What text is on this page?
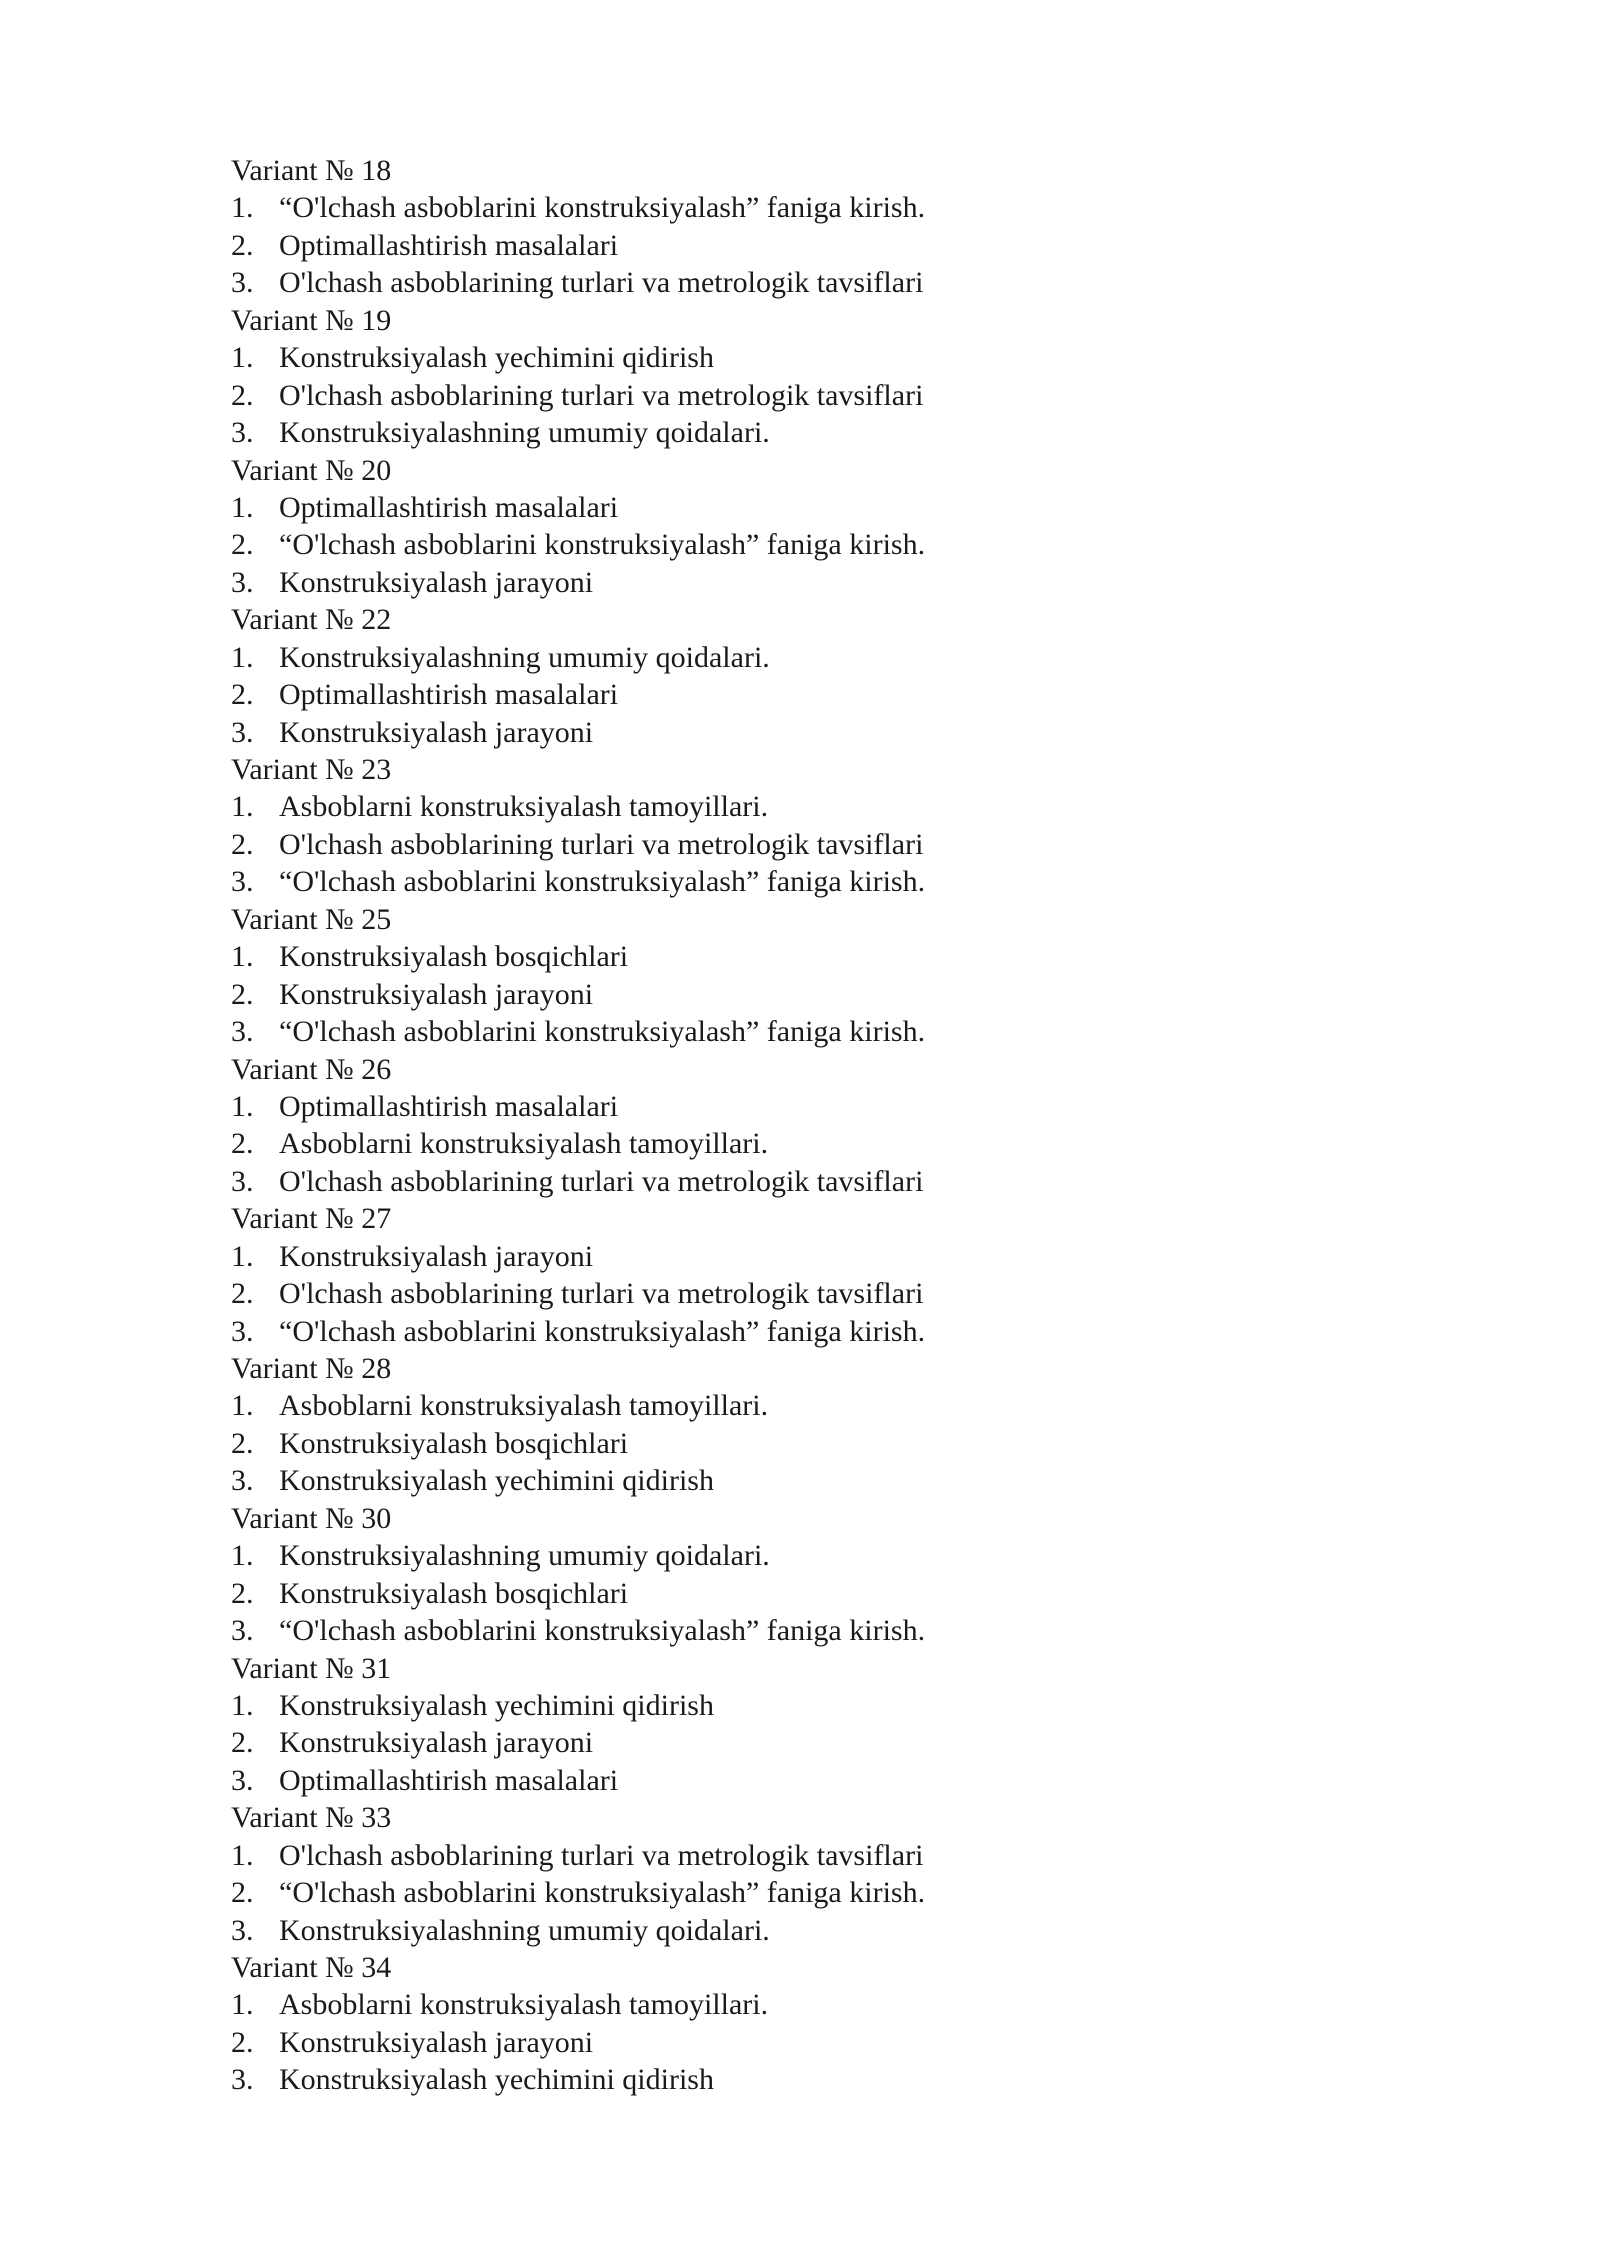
Variant № 18
1. “O'lchash asboblarini konstruksiyalash” faniga kirish.
2. Optimallashtirish masalalari
3. O'lchash asboblarining turlari va metrologik tavsiflari
Variant № 19
1. Konstruksiyalash yechimini qidirish
2. O'lchash asboblarining turlari va metrologik tavsiflari
3. Konstruksiyalashning umumiy qoidalari.
Variant № 20
1. Optimallashtirish masalalari
2. “O'lchash asboblarini konstruksiyalash” faniga kirish.
3. Konstruksiyalash jarayoni
Variant № 22
1. Konstruksiyalashning umumiy qoidalari.
2. Optimallashtirish masalalari
3. Konstruksiyalash jarayoni
Variant № 23
1. Asboblarni konstruksiyalash tamoyillari.
2. O'lchash asboblarining turlari va metrologik tavsiflari
3. “O'lchash asboblarini konstruksiyalash” faniga kirish.
Variant № 25
1. Konstruksiyalash bosqichlari
2. Konstruksiyalash jarayoni
3. “O'lchash asboblarini konstruksiyalash” faniga kirish.
Variant № 26
1. Optimallashtirish masalalari
2. Asboblarni konstruksiyalash tamoyillari.
3. O'lchash asboblarining turlari va metrologik tavsiflari
Variant № 27
1. Konstruksiyalash jarayoni
2. O'lchash asboblarining turlari va metrologik tavsiflari
3. “O'lchash asboblarini konstruksiyalash” faniga kirish.
Variant № 28
1. Asboblarni konstruksiyalash tamoyillari.
2. Konstruksiyalash bosqichlari
3. Konstruksiyalash yechimini qidirish
Variant № 30
1. Konstruksiyalashning umumiy qoidalari.
2. Konstruksiyalash bosqichlari
3. “O'lchash asboblarini konstruksiyalash” faniga kirish.
Variant № 31
1. Konstruksiyalash yechimini qidirish
2. Konstruksiyalash jarayoni
3. Optimallashtirish masalalari
Variant № 33
1. O'lchash asboblarining turlari va metrologik tavsiflari
2. “O'lchash asboblarini konstruksiyalash” faniga kirish.
3. Konstruksiyalashning umumiy qoidalari.
Variant № 34
1. Asboblarni konstruksiyalash tamoyillari.
2. Konstruksiyalash jarayoni
3. Konstruksiyalash yechimini qidirish
